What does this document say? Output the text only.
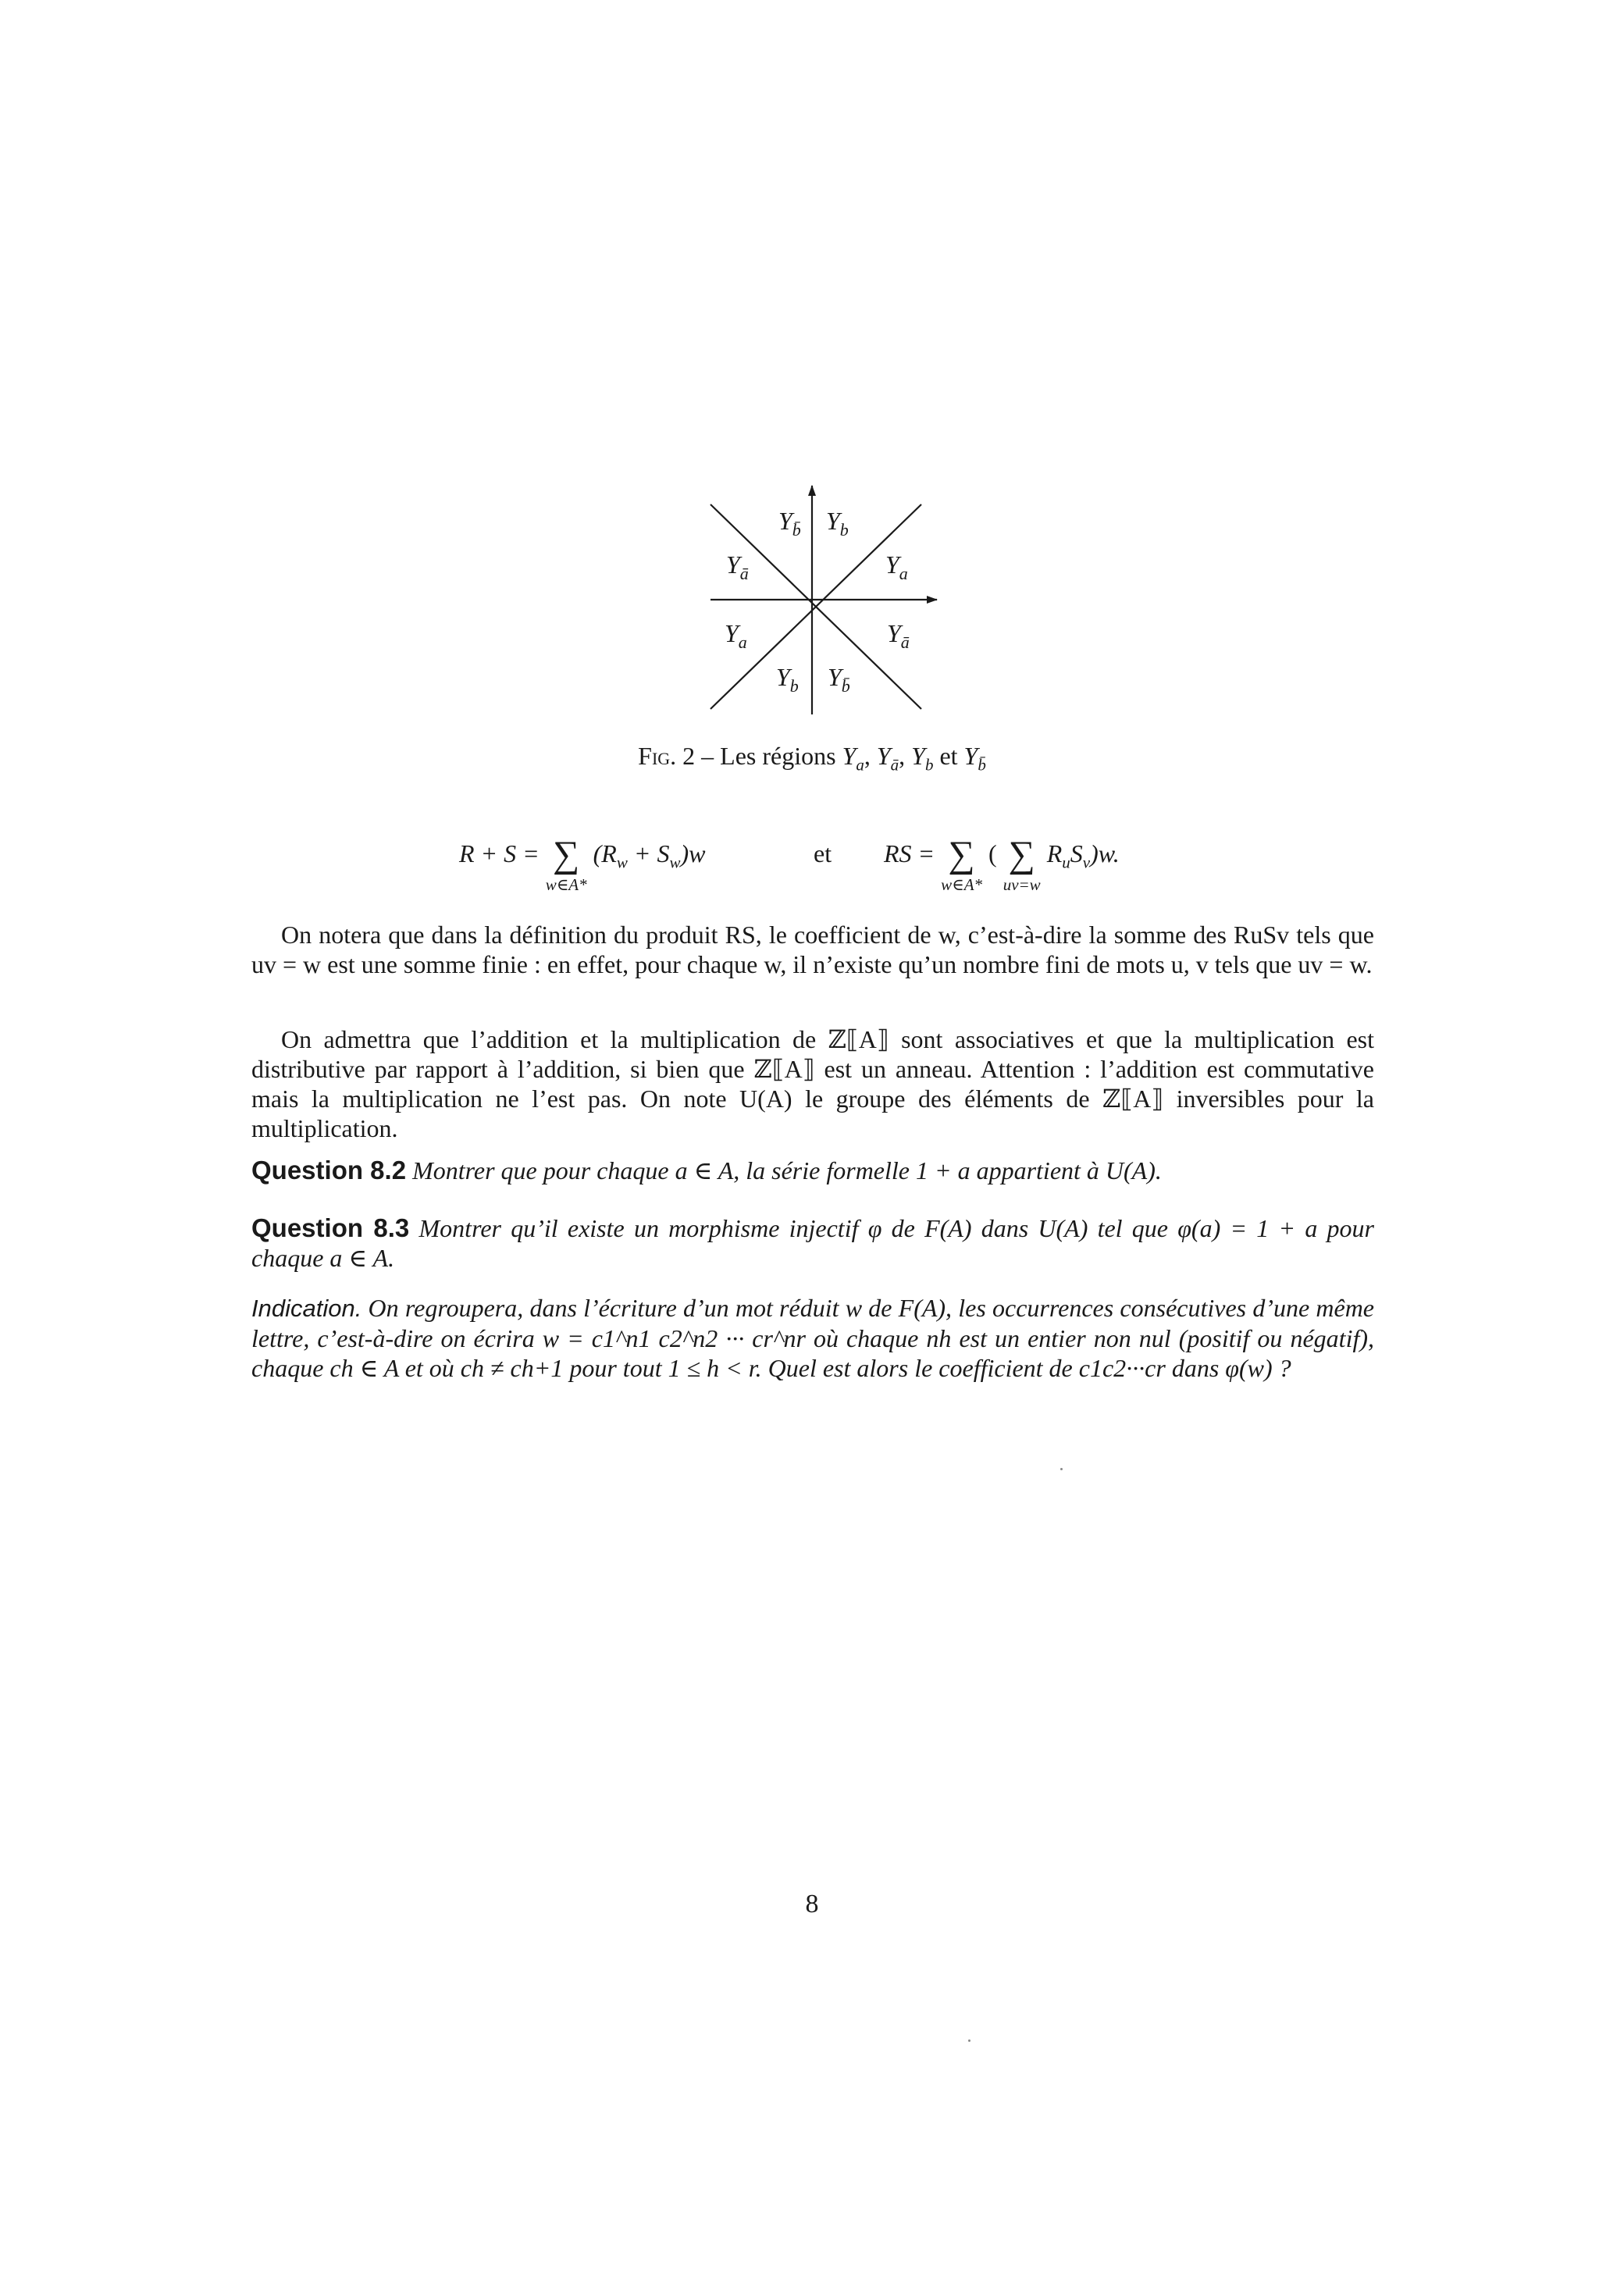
$Y_{b̄}$ $Y_b$
$Y_ā$	$Y_a$
$Y_a$	$Y_ā$
$Y_b$ $Y_{b̄}$
Fig. 2 – Les régions $Y_a$, $Y_ā$, $Y_b$ et $Y_{b̄}$
R + S = ∑
w∈A*
$(R_w + S_w)w$	et RS = ∑
w∈A*
( ∑
uv=w
$R_uS_v)w$.
On notera que dans la définition du produit RS, le coefficient de w, c’est-à-dire la somme des RuSv tels que uv = w est une somme finie : en effet, pour chaque w, il n’existe qu’un nombre fini de mots u, v tels que uv = w.
On admettra que l’addition et la multiplication de ℤ⟦A⟧ sont associatives et que la multiplication est distributive par rapport à l’addition, si bien que ℤ⟦A⟧ est un anneau. Attention : l’addition est commutative mais la multiplication ne l’est pas. On note U(A) le groupe des éléments de ℤ⟦A⟧ inversibles pour la multiplication.
Question 8.2 Montrer que pour chaque a ∈ A, la série formelle 1 + a appartient à U(A).
Question 8.3 Montrer qu’il existe un morphisme injectif φ de F(A) dans U(A) tel que φ(a) = 1 + a pour chaque a ∈ A.
Indication. On regroupera, dans l’écriture d’un mot réduit w de F(A), les occurrences consécutives d’une même lettre, c’est-à-dire on écrira w = c1^n1 c2^n2 ··· cr^nr où chaque nh est un entier non nul (positif ou négatif), chaque ch ∈ A et où ch ≠ ch+1 pour tout 1 ≤ h < r. Quel est alors le coefficient de c1c2···cr dans φ(w) ?
8
